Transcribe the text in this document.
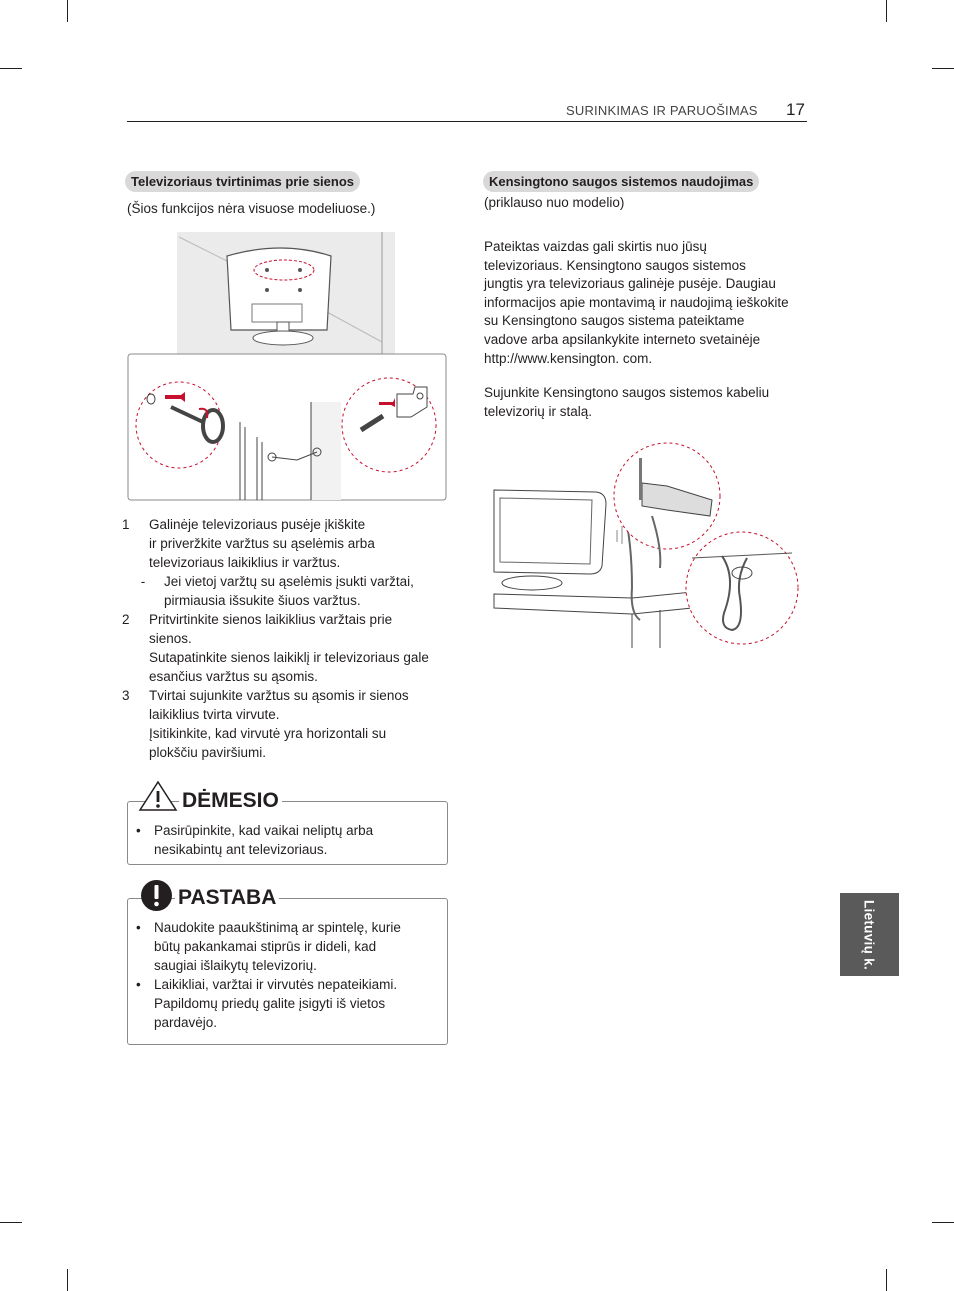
SURINKIMAS IR PARUOŠIMAS 17
Televizoriaus tvirtinimas prie sienos
(Šios funkcijos nėra visuose modeliuose.)
1	Galinėje televizoriaus pusėje įkiškite
ir priveržkite varžtus su ąselėmis arba
televizoriaus laikiklius ir varžtus.
-	Jei vietoj varžtų su ąselėmis įsukti varžtai,
pirmiausia išsukite šiuos varžtus.
2	Pritvirtinkite sienos laikiklius varžtais prie
sienos.
Sutapatinkite sienos laikiklį ir televizoriaus gale
esančius varžtus su ąsomis.
3	Tvirtai sujunkite varžtus su ąsomis ir sienos
laikiklius tvirta virvute.
Įsitikinkite, kad virvutė yra horizontali su
plokščiu paviršiumi.
DĖMESIO
• Pasirūpinkite, kad vaikai neliptų arba
nesikabintų ant televizoriaus.
PASTABA
• Naudokite paaukštinimą ar spintelę, kurie
būtų pakankamai stiprūs ir dideli, kad
saugiai išlaikytų televizorių.
• Laikikliai, varžtai ir virvutės nepateikiami.
Papildomų priedų galite įsigyti iš vietos
pardavėjo.
Kensingtono saugos sistemos naudojimas
(priklauso nuo modelio)
Pateiktas vaizdas gali skirtis nuo jūsų
televizoriaus. Kensingtono saugos sistemos
jungtis yra televizoriaus galinėje pusėje. Daugiau
informacijos apie montavimą ir naudojimą ieškokite
su Kensingtono saugos sistema pateiktame
vadove arba apsilankykite interneto svetainėje
http://www.kensington. com.
Sujunkite Kensingtono saugos sistemos kabeliu
televizorių ir stalą.
Lietuvių k.
